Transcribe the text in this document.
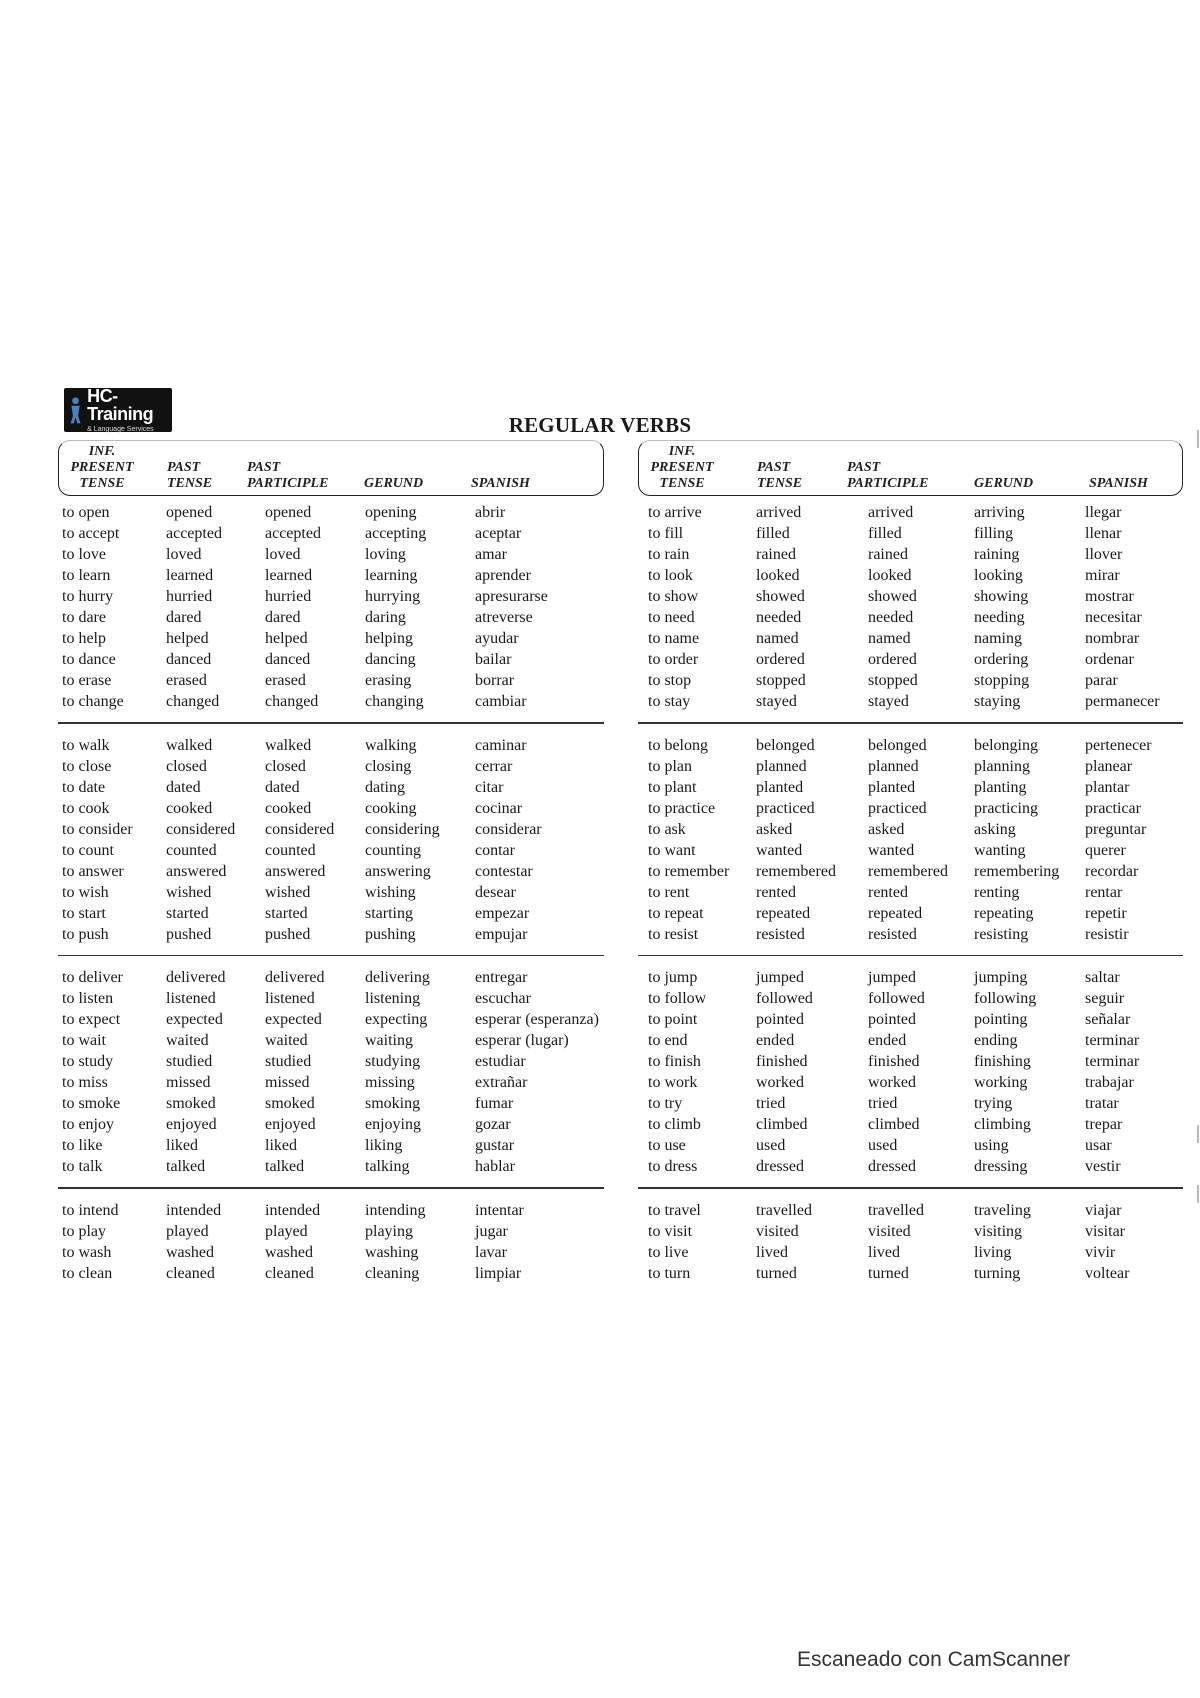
HC-Training
& Language Services	REGULAR VERBS
INF.
PRESENT
TENSE
PAST
TENSE
PAST
PARTICIPLE	GERUND	SPANISH
to open	opened	opened	opening	abrir
to accept	accepted	accepted	accepting	aceptar
to love	loved	loved	loving	amar
to learn	learned	learned	learning	aprender
to hurry	hurried	hurried	hurrying	apresurarse
to dare	dared	dared	daring	atreverse
to help	helped	helped	helping	ayudar
to dance	danced	danced	dancing	bailar
to erase	erased	erased	erasing	borrar
to change	changed	changed	changing	cambiar
to walk	walked	walked	walking	caminar
to close	closed	closed	closing	cerrar
to date	dated	dated	dating	citar
to cook	cooked	cooked	cooking	cocinar
to consider considered considered considering considerar
to count	counted	counted	counting	contar
to answer	answered answered answering	contestar
to wish	wished	wished	wishing	desear
to start	started	started	starting	empezar
to push	pushed	pushed	pushing	empujar
to deliver	delivered delivered	delivering	entregar
to listen	listened	listened	listening	escuchar
to expect	expected	expected	expecting	esperar (esperanza)
to wait	waited	waited	waiting	esperar (lugar)
to study	studied	studied	studying	estudiar
to miss	missed	missed	missing	extrañar
to smoke	smoked	smoked	smoking	fumar
to enjoy	enjoyed	enjoyed	enjoying	gozar
to like	liked	liked	liking	gustar
to talk	talked	talked	talking	hablar
to intend	intended	intended	intending	intentar
to play	played	played	playing	jugar
to wash	washed	washed	washing	lavar
to clean	cleaned	cleaned	cleaning	limpiar
INF.
PRESENT
TENSE
PAST
TENSE
PAST
PARTICIPLE	GERUND	SPANISH
to arrive	arrived	arrived	arriving	llegar
to fill	filled	filled	filling	llenar
to rain	rained	rained	raining	llover
to look	looked	looked	looking	mirar
to show	showed	showed	showing	mostrar
to need	needed	needed	needing	necesitar
to name	named	named	naming	nombrar
to order	ordered	ordered	ordering	ordenar
to stop	stopped	stopped	stopping	parar
to stay	stayed	stayed	staying	permanecer
to belong	belonged	belonged	belonging	pertenecer
to plan	planned	planned	planning	planear
to plant	planted	planted	planting	plantar
to practice	practiced	practiced	practicing	practicar
to ask	asked	asked	asking	preguntar
to want	wanted	wanted	wanting	querer
to remember remembered remembered remembering recordar
to rent	rented	rented	renting	rentar
to repeat	repeated	repeated	repeating	repetir
to resist	resisted	resisted	resisting	resistir
to jump	jumped	jumped	jumping	saltar
to follow	followed	followed	following	seguir
to point	pointed	pointed	pointing	señalar
to end	ended	ended	ending	terminar
to finish	finished	finished	finishing	terminar
to work	worked	worked	working	trabajar
to try	tried	tried	trying	tratar
to climb	climbed	climbed	climbing	trepar
to use	used	used	using	usar
to dress	dressed	dressed	dressing	vestir
to travel	travelled	travelled	traveling	viajar
to visit	visited	visited	visiting	visitar
to live	lived	lived	living	vivir
to turn	turned	turned	turning	voltear
Escaneado con CamScanner
